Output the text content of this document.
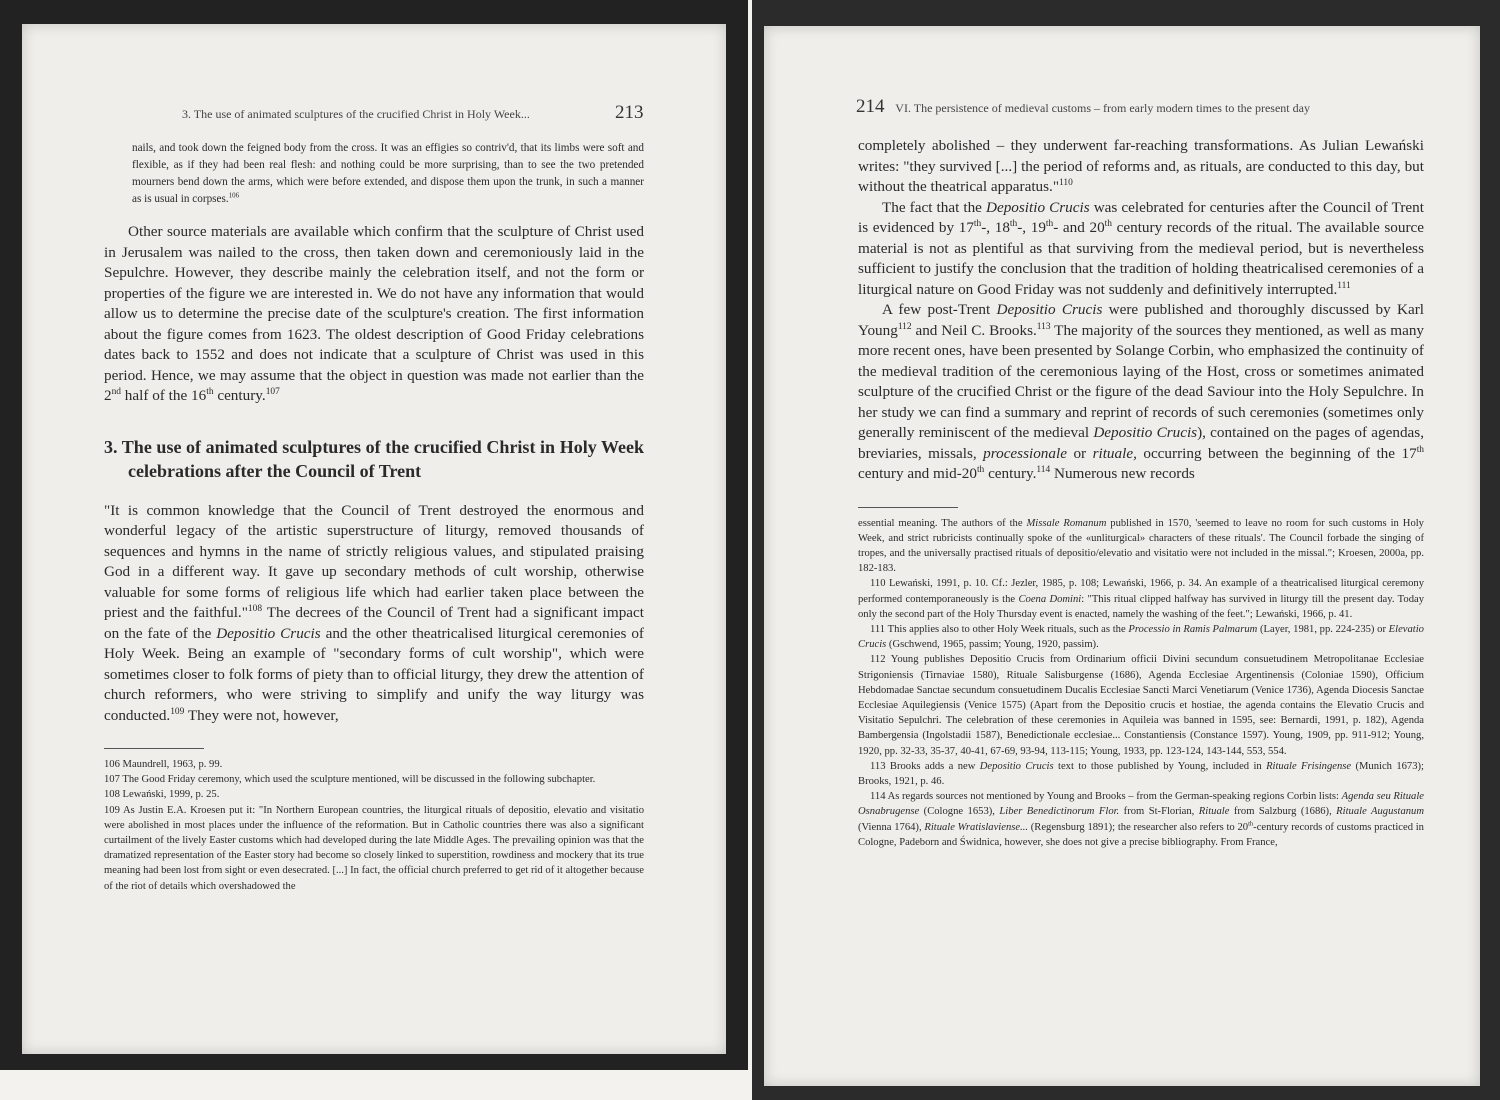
3. The use of animated sculptures of the crucified Christ in Holy Week...	213

nails, and took down the feigned body from the cross. It was an effigies so contriv'd, that its limbs were soft and flexible, as if they had been real flesh: and nothing could be more surprising, than to see the two pretended mourners bend down the arms, which were before extended, and dispose them upon the trunk, in such a manner as is usual in corpses.$^{106}$

Other source materials are available which confirm that the sculpture of Christ used in Jerusalem was nailed to the cross, then taken down and ceremoniously laid in the Sepulchre. However, they describe mainly the celebration itself, and not the form or properties of the figure we are interested in. We do not have any information that would allow us to determine the precise date of the sculpture's creation. The first information about the figure comes from 1623. The oldest description of Good Friday celebrations dates back to 1552 and does not indicate that a sculpture of Christ was used in this period. Hence, we may assume that the object in question was made not earlier than the 2nd half of the 16th century.$^{107}$

3. The use of animated sculptures of the crucified Christ in Holy Week celebrations after the Council of Trent

"It is common knowledge that the Council of Trent destroyed the enormous and wonderful legacy of the artistic superstructure of liturgy, removed thousands of sequences and hymns in the name of strictly religious values, and stipulated praising God in a different way. It gave up secondary methods of cult worship, otherwise valuable for some forms of religious life which had earlier taken place between the priest and the faithful."$^{108}$ The decrees of the Council of Trent had a significant impact on the fate of the Depositio Crucis and the other theatricalised liturgical ceremonies of Holy Week. Being an example of "secondary forms of cult worship", which were sometimes closer to folk forms of piety than to official liturgy, they drew the attention of church reformers, who were striving to simplify and unify the way liturgy was conducted.$^{109}$ They were not, however,

106 Maundrell, 1963, p. 99.

107 The Good Friday ceremony, which used the sculpture mentioned, will be discussed in the following subchapter.

108 Lewański, 1999, p. 25.

109 As Justin E.A. Kroesen put it: "In Northern European countries, the liturgical rituals of depositio, elevatio and visitatio were abolished in most places under the influence of the reformation. But in Catholic countries there was also a significant curtailment of the lively Easter customs which had developed during the late Middle Ages. The prevailing opinion was that the dramatized representation of the Easter story had become so closely linked to superstition, rowdiness and mockery that its true meaning had been lost from sight or even desecrated. [...] In fact, the official church preferred to get rid of it altogether because of the riot of details which overshadowed the

214 VI. The persistence of medieval customs – from early modern times to the present day

completely abolished – they underwent far-reaching transformations. As Julian Lewański writes: "they survived [...] the period of reforms and, as rituals, are conducted to this day, but without the theatrical apparatus."$^{110}$

The fact that the Depositio Crucis was celebrated for centuries after the Council of Trent is evidenced by 17th-, 18th-, 19th- and 20th century records of the ritual. The available source material is not as plentiful as that surviving from the medieval period, but is nevertheless sufficient to justify the conclusion that the tradition of holding theatricalised ceremonies of a liturgical nature on Good Friday was not suddenly and definitively interrupted.$^{111}$

A few post-Trent Depositio Crucis were published and thoroughly discussed by Karl Young$^{112}$ and Neil C. Brooks.$^{113}$ The majority of the sources they mentioned, as well as many more recent ones, have been presented by Solange Corbin, who emphasized the continuity of the medieval tradition of the ceremonious laying of the Host, cross or sometimes animated sculpture of the crucified Christ or the figure of the dead Saviour into the Holy Sepulchre. In her study we can find a summary and reprint of records of such ceremonies (sometimes only generally reminiscent of the medieval Depositio Crucis), contained on the pages of agendas, breviaries, missals, processionale or rituale, occurring between the beginning of the 17th century and mid-20th century.$^{114}$ Numerous new records

essential meaning. The authors of the Missale Romanum published in 1570, 'seemed to leave no room for such customs in Holy Week, and strict rubricists continually spoke of the «unliturgical» characters of these rituals'. The Council forbade the singing of tropes, and the universally practised rituals of depositio/elevatio and visitatio were not included in the missal."; Kroesen, 2000a, pp. 182-183.

110 Lewański, 1991, p. 10. Cf.: Jezler, 1985, p. 108; Lewański, 1966, p. 34. An example of a theatricalised liturgical ceremony performed contemporaneously is the Coena Domini: "This ritual clipped halfway has survived in liturgy till the present day. Today only the second part of the Holy Thursday event is enacted, namely the washing of the feet."; Lewański, 1966, p. 41.

111 This applies also to other Holy Week rituals, such as the Processio in Ramis Palmarum (Layer, 1981, pp. 224-235) or Elevatio Crucis (Gschwend, 1965, passim; Young, 1920, passim).

112 Young publishes Depositio Crucis from Ordinarium officii Divini secundum consuetudinem Metropolitanae Ecclesiae Strigoniensis (Tirnaviae 1580), Rituale Salisburgense (1686), Agenda Ecclesiae Argentinensis (Coloniae 1590), Officium Hebdomadae Sanctae secundum consuetudinem Ducalis Ecclesiae Sancti Marci Venetiarum (Venice 1736), Agenda Diocesis Sanctae Ecclesiae Aquilegiensis (Venice 1575) (Apart from the Depositio crucis et hostiae, the agenda contains the Elevatio Crucis and Visitatio Sepulchri. The celebration of these ceremonies in Aquileia was banned in 1595, see: Bernardi, 1991, p. 182), Agenda Bambergensia (Ingolstadii 1587), Benedictionale ecclesiae... Constantiensis (Constance 1597). Young, 1909, pp. 911-912; Young, 1920, pp. 32-33, 35-37, 40-41, 67-69, 93-94, 113-115; Young, 1933, pp. 123-124, 143-144, 553, 554.

113 Brooks adds a new Depositio Crucis text to those published by Young, included in Rituale Frisingense (Munich 1673); Brooks, 1921, p. 46.

114 As regards sources not mentioned by Young and Brooks – from the German-speaking regions Corbin lists: Agenda seu Rituale Osnabrugense (Cologne 1653), Liber Benedictinorum Flor. from St-Florian, Rituale from Salzburg (1686), Rituale Augustanum (Vienna 1764), Rituale Wratislaviense... (Regensburg 1891); the researcher also refers to 20th-century records of customs practiced in Cologne, Padeborn and Świdnica, however, she does not give a precise bibliography. From France,
